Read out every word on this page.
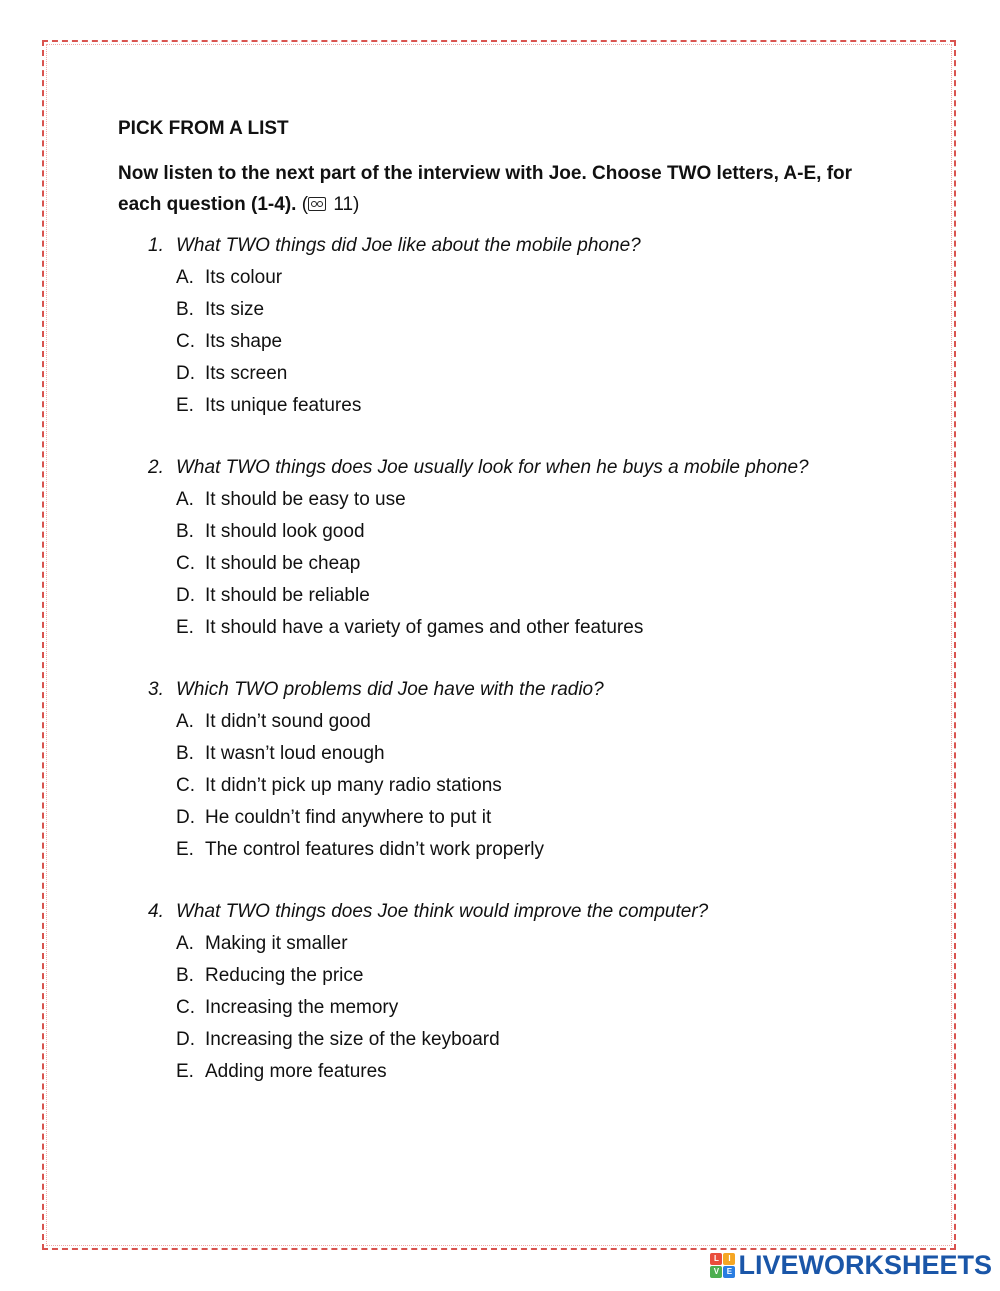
PICK FROM A LIST
Now listen to the next part of the interview with Joe. Choose TWO letters, A-E, for each question (1-4). ( 11)
1. What TWO things did Joe like about the mobile phone?
A. Its colour
B. Its size
C. Its shape
D. Its screen
E. Its unique features
2. What TWO things does Joe usually look for when he buys a mobile phone?
A. It should be easy to use
B. It should look good
C. It should be cheap
D. It should be reliable
E. It should have a variety of games and other features
3. Which TWO problems did Joe have with the radio?
A. It didn’t sound good
B. It wasn’t loud enough
C. It didn’t pick up many radio stations
D. He couldn’t find anywhere to put it
E. The control features didn’t work properly
4. What TWO things does Joe think would improve the computer?
A. Making it smaller
B. Reducing the price
C. Increasing the memory
D. Increasing the size of the keyboard
E. Adding more features
L	I
V E LIVEWORKSHEETS
